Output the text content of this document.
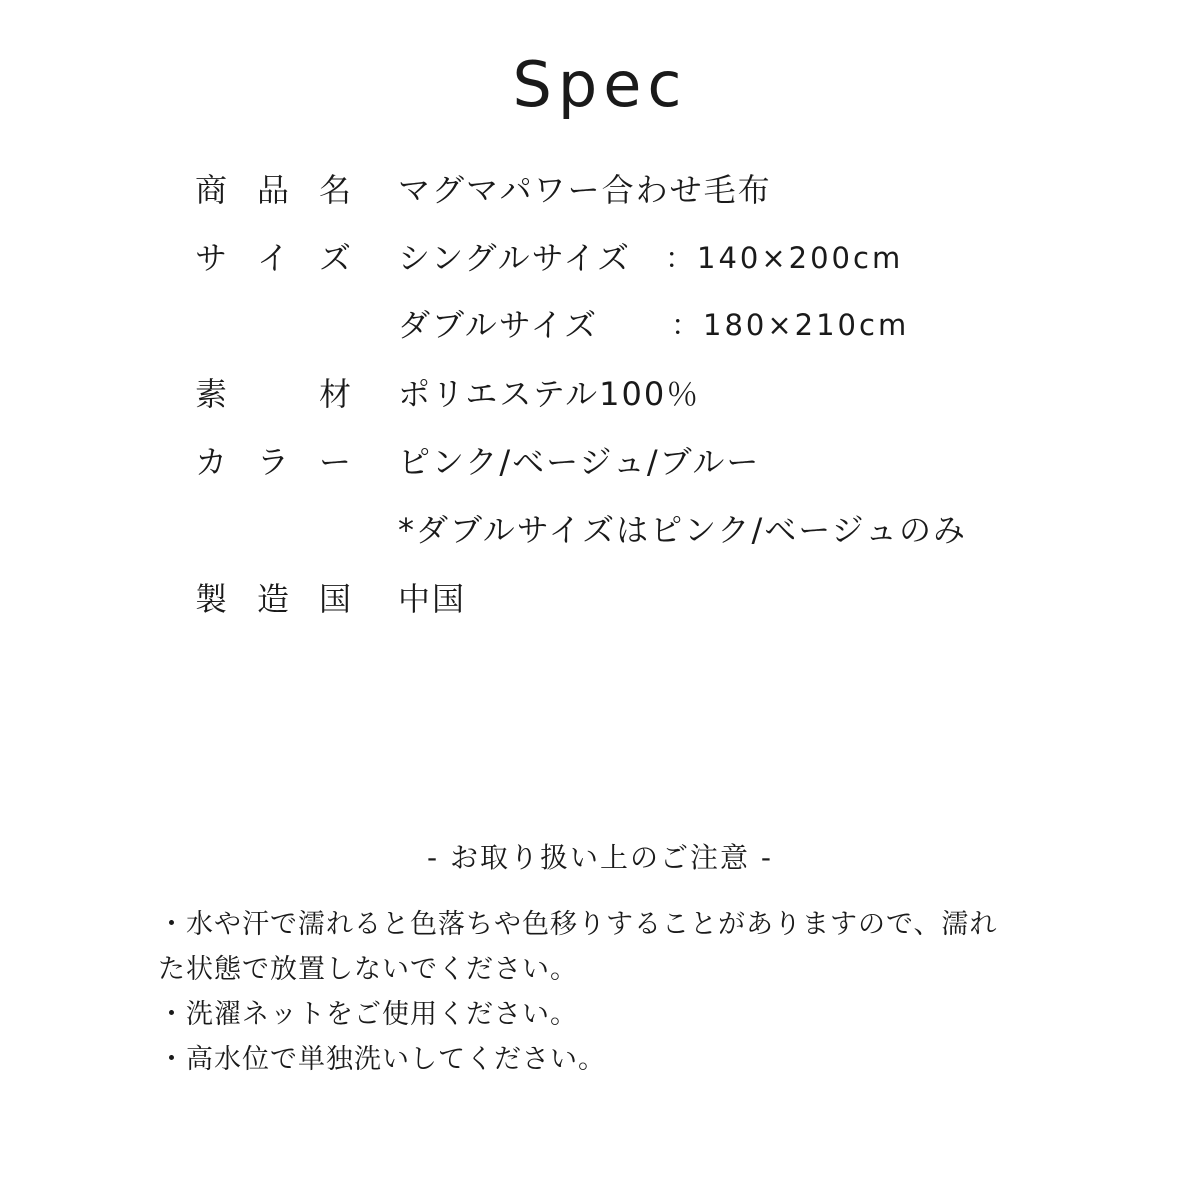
Spec
商 品 名 マグマパワー合わせ毛布
サ イ ズ シングルサイズ ：140×200cm
ダブルサイズ	：180×210cm
素	材 ポリエステル100％
カ ラ ー ピンク/ベージュ/ブルー
*ダブルサイズはピンク/ベージュのみ
製 造 国 中国
- お取り扱い上のご注意 -
・水や汗で濡れると色落ちや色移りすることがありますので、濡れ
た状態で放置しないでください。
・洗濯ネットをご使用ください。
・高水位で単独洗いしてください。
